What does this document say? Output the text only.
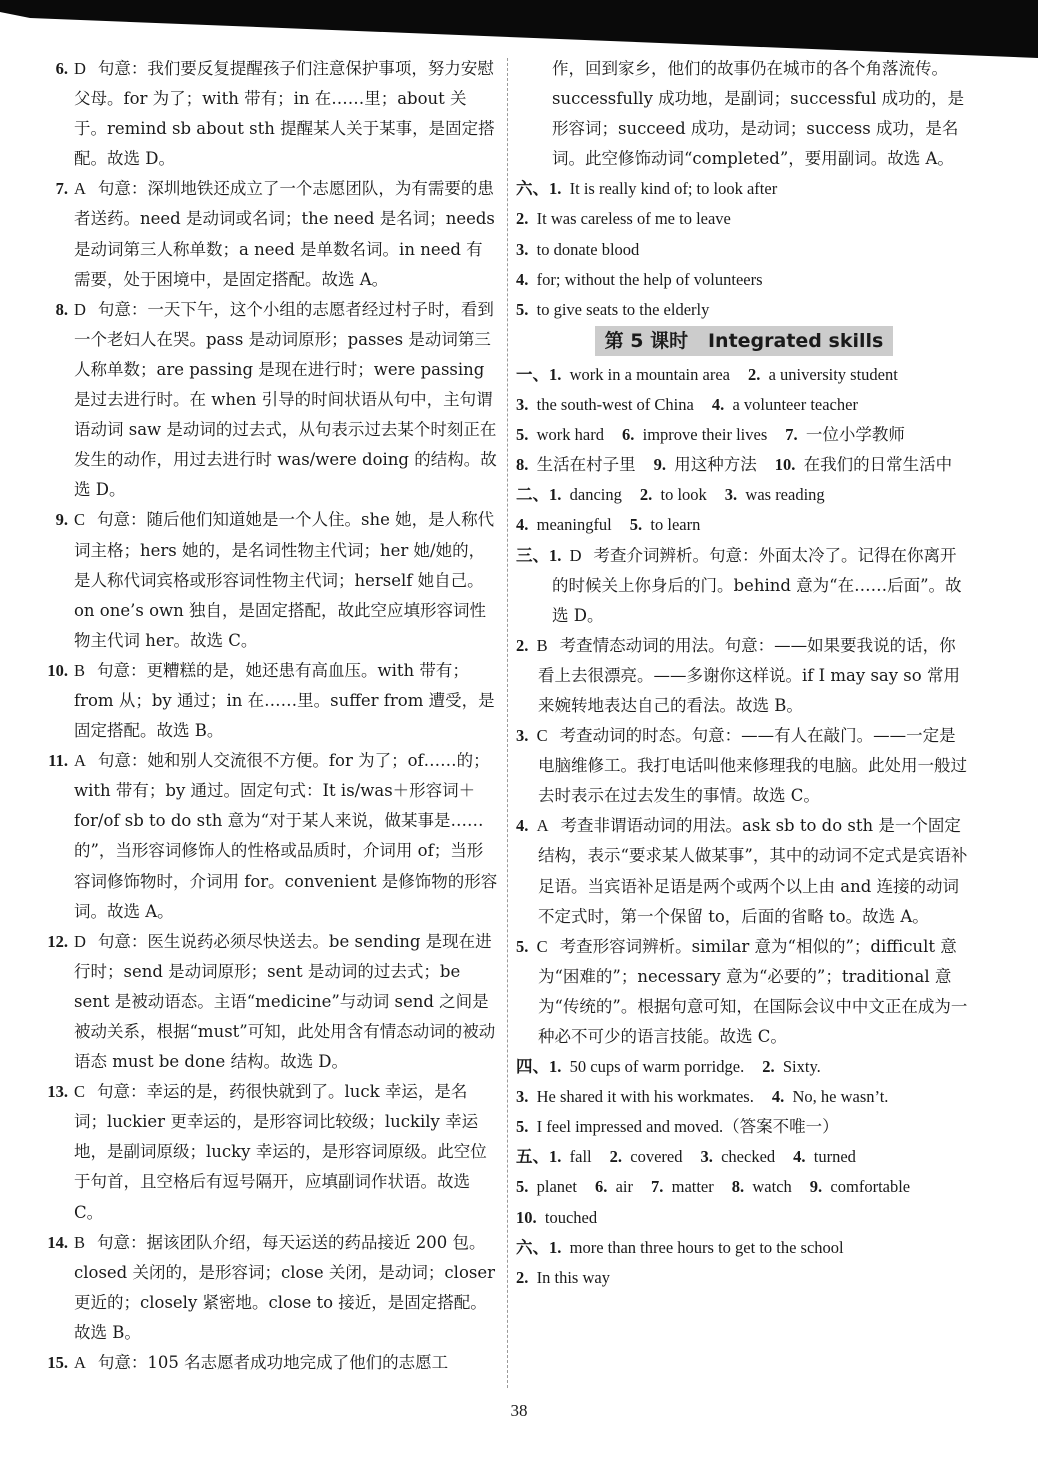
6. D 句意：我们要反复提醒孩子们注意保护事项，努力安慰父母。for 为了；with 带有；in 在……里；about 关于。remind sb about sth 提醒某人关于某事，是固定搭配。故选 D。
7. A 句意：深圳地铁还成立了一个志愿团队，为有需要的患者送药。need 是动词或名词；the need 是名词；needs 是动词第三人称单数；a need 是单数名词。in need 有需要，处于困境中，是固定搭配。故选 A。
8. D 句意：一天下午，这个小组的志愿者经过村子时，看到一个老妇人在哭。pass 是动词原形；passes 是动词第三人称单数；are passing 是现在进行时；were passing 是过去进行时。在 when 引导的时间状语从句中，主句谓语动词 saw 是动词的过去式，从句表示过去某个时刻正在发生的动作，用过去进行时 was/were doing 的结构。故选 D。
9. C 句意：随后他们知道她是一个人住。she 她，是人称代词主格；hers 她的，是名词性物主代词；her 她/她的，是人称代词宾格或形容词性物主代词；herself 她自己。on one’s own 独自，是固定搭配，故此空应填形容词性物主代词 her。故选 C。
10. B 句意：更糟糕的是，她还患有高血压。with 带有；from 从；by 通过；in 在……里。suffer from 遭受，是固定搭配。故选 B。
11. A 句意：她和别人交流很不方便。for 为了；of……的；with 带有；by 通过。固定句式：It is/was＋形容词＋for/of sb to do sth 意为“对于某人来说，做某事是……的”，当形容词修饰人的性格或品质时，介词用 of；当形容词修饰物时，介词用 for。convenient 是修饰物的形容词。故选 A。
12. D 句意：医生说药必须尽快送去。be sending 是现在进行时；send 是动词原形；sent 是动词的过去式；be sent 是被动语态。主语“medicine”与动词 send 之间是被动关系，根据“must”可知，此处用含有情态动词的被动语态 must be done 结构。故选 D。
13. C 句意：幸运的是，药很快就到了。luck 幸运，是名词；luckier 更幸运的，是形容词比较级；luckily 幸运地，是副词原级；lucky 幸运的，是形容词原级。此空位于句首，且空格后有逗号隔开，应填副词作状语。故选 C。
14. B 句意：据该团队介绍，每天运送的药品接近 200 包。closed 关闭的，是形容词；close 关闭，是动词；closer 更近的；closely 紧密地。close to 接近，是固定搭配。故选 B。
15. A 句意：105 名志愿者成功地完成了他们的志愿工
作，回到家乡，他们的故事仍在城市的各个角落流传。successfully 成功地，是副词；successful 成功的，是形容词；succeed 成功，是动词；success 成功，是名词。此空修饰动词“completed”，要用副词。故选 A。
六、1. It is really kind of; to look after
2. It was careless of me to leave
3. to donate blood
4. for; without the help of volunteers
5. to give seats to the elderly
第 5 课时 Integrated skills
一、1. work in a mountain area 2. a university student
3. the south-west of China 4. a volunteer teacher
5. work hard 6. improve their lives 7. 一位小学教师
8. 生活在村子里 9. 用这种方法 10. 在我们的日常生活中
二、1. dancing 2. to look 3. was reading
4. meaningful 5. to learn
三、1. D 考查介词辨析。句意：外面太冷了。记得在你离开的时候关上你身后的门。behind 意为“在……后面”。故选 D。
2. B 考查情态动词的用法。句意：——如果要我说的话，你看上去很漂亮。——多谢你这样说。if I may say so 常用来婉转地表达自己的看法。故选 B。
3. C 考查动词的时态。句意：——有人在敲门。——一定是电脑维修工。我打电话叫他来修理我的电脑。此处用一般过去时表示在过去发生的事情。故选 C。
4. A 考查非谓语动词的用法。ask sb to do sth 是一个固定结构，表示“要求某人做某事”，其中的动词不定式是宾语补足语。当宾语补足语是两个或两个以上由 and 连接的动词不定式时，第一个保留 to，后面的省略 to。故选 A。
5. C 考查形容词辨析。similar 意为“相似的”；difficult 意为“困难的”；necessary 意为“必要的”；traditional 意为“传统的”。根据句意可知，在国际会议中中文正在成为一种必不可少的语言技能。故选 C。
四、1. 50 cups of warm porridge. 2. Sixty.
3. He shared it with his workmates. 4. No, he wasn’t.
5. I feel impressed and moved.（答案不唯一）
五、1. fall 2. covered 3. checked 4. turned
5. planet 6. air 7. matter 8. watch 9. comfortable
10. touched
六、1. more than three hours to get to the school
2. In this way
38
